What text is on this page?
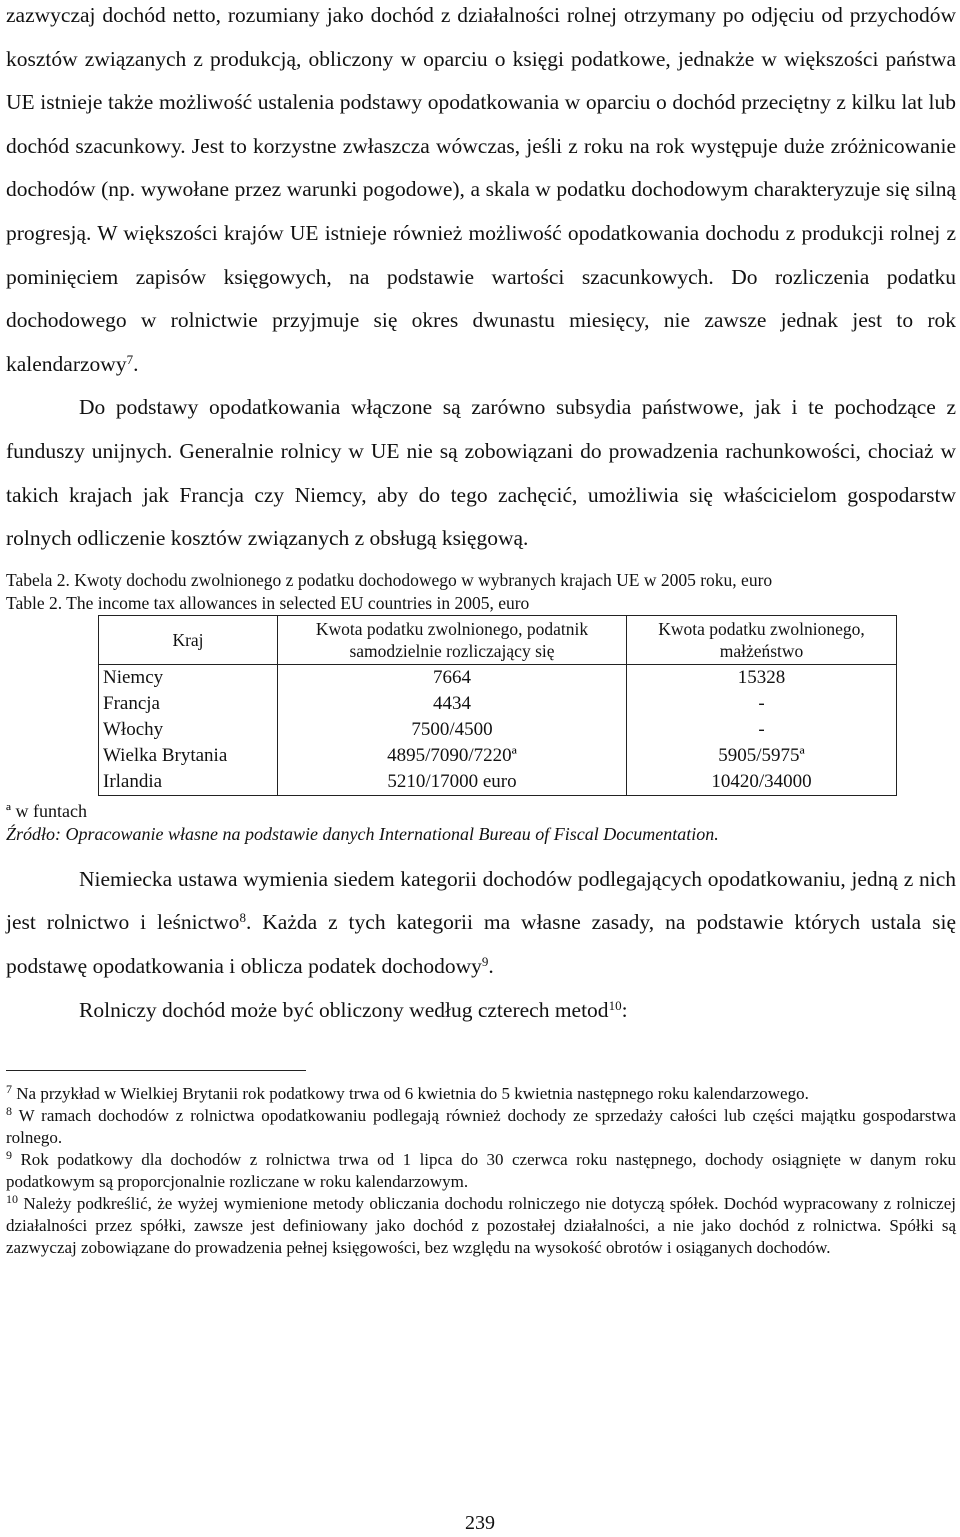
zazwyczaj dochód netto, rozumiany jako dochód z działalności rolnej otrzymany po odjęciu od przychodów kosztów związanych z produkcją, obliczony w oparciu o księgi podatkowe, jednakże w większości państwa UE istnieje także możliwość ustalenia podstawy opodatkowania w oparciu o dochód przeciętny z kilku lat lub dochód szacunkowy. Jest to korzystne zwłaszcza wówczas, jeśli z roku na rok występuje duże zróżnicowanie dochodów (np. wywołane przez warunki pogodowe), a skala w podatku dochodowym charakteryzuje się silną progresją. W większości krajów UE istnieje również możliwość opodatkowania dochodu z produkcji rolnej z pominięciem zapisów księgowych, na podstawie wartości szacunkowych. Do rozliczenia podatku dochodowego w rolnictwie przyjmuje się okres dwunastu miesięcy, nie zawsze jednak jest to rok kalendarzowy$^7$.

Do podstawy opodatkowania włączone są zarówno subsydia państwowe, jak i te pochodzące z funduszy unijnych. Generalnie rolnicy w UE nie są zobowiązani do prowadzenia rachunkowości, chociaż w takich krajach jak Francja czy Niemcy, aby do tego zachęcić, umożliwia się właścicielom gospodarstw rolnych odliczenie kosztów związanych z obsługą księgową.

Tabela 2. Kwoty dochodu zwolnionego z podatku dochodowego w wybranych krajach UE w 2005 roku, euro

Table 2. The income tax allowances in selected EU countries in 2005, euro

Kraj	Kwota podatku zwolnionego, podatnik samodzielnie rozliczający się	Kwota podatku zwolnionego, małżeństwo
Niemcy	7664	15328
Francja	4434	-
Włochy	7500/4500	-
Wielka Brytania	4895/7090/7220ª	5905/5975ª
Irlandia	5210/17000 euro	10420/34000

ª w funtach

Źródło: Opracowanie własne na podstawie danych International Bureau of Fiscal Documentation.

Niemiecka ustawa wymienia siedem kategorii dochodów podlegających opodatkowaniu, jedną z nich jest rolnictwo i leśnictwo$^8$. Każda z tych kategorii ma własne zasady, na podstawie których ustala się podstawę opodatkowania i oblicza podatek dochodowy$^9$.

Rolniczy dochód może być obliczony według czterech metod$^{10}$:

$^7$ Na przykład w Wielkiej Brytanii rok podatkowy trwa od 6 kwietnia do 5 kwietnia następnego roku kalendarzowego.

$^8$ W ramach dochodów z rolnictwa opodatkowaniu podlegają również dochody ze sprzedaży całości lub części majątku gospodarstwa rolnego.

$^9$ Rok podatkowy dla dochodów z rolnictwa trwa od 1 lipca do 30 czerwca roku następnego, dochody osiągnięte w danym roku podatkowym są proporcjonalnie rozliczane w roku kalendarzowym.

$^{10}$ Należy podkreślić, że wyżej wymienione metody obliczania dochodu rolniczego nie dotyczą spółek. Dochód wypracowany z rolniczej działalności przez spółki, zawsze jest definiowany jako dochód z pozostałej działalności, a nie jako dochód z rolnictwa. Spółki są zazwyczaj zobowiązane do prowadzenia pełnej księgowości, bez względu na wysokość obrotów i osiąganych dochodów.

239
